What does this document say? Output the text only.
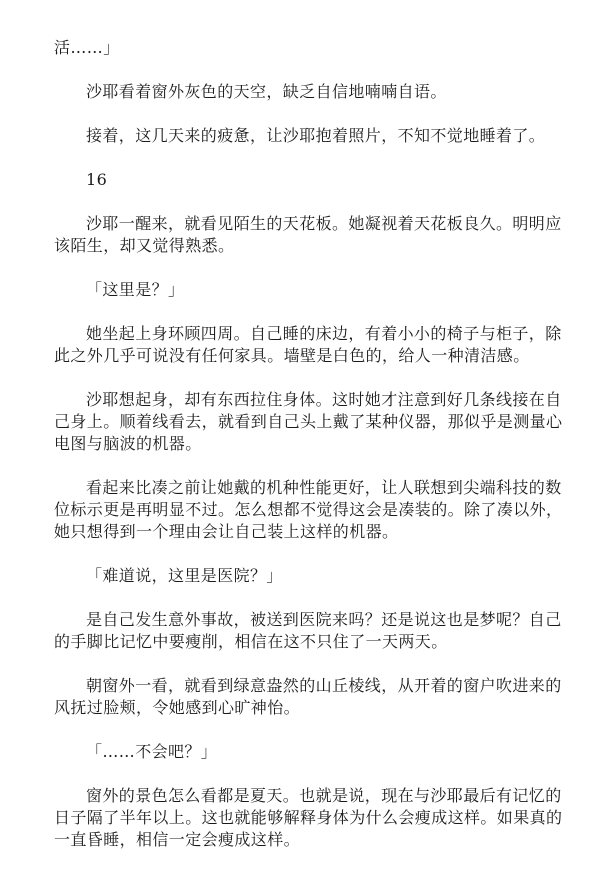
活……」

沙耶看着窗外灰色的天空，缺乏自信地喃喃自语。

接着，这几天来的疲惫，让沙耶抱着照片，不知不觉地睡着了。

16

沙耶一醒来，就看见陌生的天花板。她凝视着天花板良久。明明应该陌生，却又觉得熟悉。

「这里是？」

她坐起上身环顾四周。自己睡的床边，有着小小的椅子与柜子，除此之外几乎可说没有任何家具。墙壁是白色的，给人一种清洁感。

沙耶想起身，却有东西拉住身体。这时她才注意到好几条线接在自己身上。顺着线看去，就看到自己头上戴了某种仪器，那似乎是测量心电图与脑波的机器。

看起来比凑之前让她戴的机种性能更好，让人联想到尖端科技的数位标示更是再明显不过。怎么想都不觉得这会是凑装的。除了凑以外，她只想得到一个理由会让自己装上这样的机器。

「难道说，这里是医院？」

是自己发生意外事故，被送到医院来吗？还是说这也是梦呢？自己的手脚比记忆中要瘦削，相信在这不只住了一天两天。

朝窗外一看，就看到绿意盎然的山丘棱线，从开着的窗户吹进来的风抚过脸颊，令她感到心旷神怡。

「……不会吧？」

窗外的景色怎么看都是夏天。也就是说，现在与沙耶最后有记忆的日子隔了半年以上。这也就能够解释身体为什么会瘦成这样。如果真的一直昏睡，相信一定会瘦成这样。
